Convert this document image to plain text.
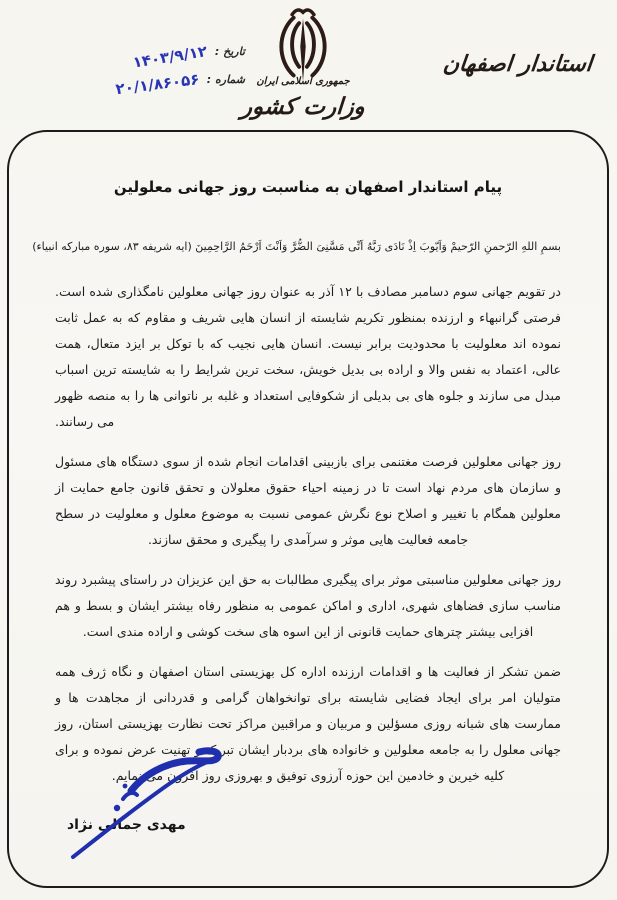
تاریخ :
۱۴۰۳/۹/۱۲
شماره :
۲۰/۱/۸۶۰۵۶	جمهوری اسلامی ایران
وزارت کشور
استاندار اصفهان
پیام استاندار اصفهان به مناسبت روز جهانی معلولین
بسمِ اللهِ الرّحمنِ الرّحیمْ وَاَیّوبَ اِذْ نَادَی رَبَّهُ اَنِّی مَسَّنِیَ الضُّرَّ وَاَنْتَ اَرْحَمُ الرَّاحِمِینَ (ایه شریفه ۸۳، سوره مبارکه انبیاء)
در تقویم جهانی سوم دسامبر مصادف با ۱۲ آذر به عنوان روز جهانی معلولین نامگذاری شده است. فرصتی گرانبهاء و ارزنده بمنظور تکریم شایسته از انسان هایی شریف و مقاوم که به عمل ثابت نموده اند معلولیت با محدودیت برابر نیست. انسان هایی نجیب که با توکل بر ایزد متعال، همت عالی، اعتماد به نفس والا و اراده بی بدیل خویش، سخت ترین شرایط را به شایسته ترین اسباب مبدل می سازند و جلوه های بی بدیلی از شکوفایی استعداد و غلبه بر ناتوانی ها را به منصه ظهور می رسانند.
روز جهانی معلولین فرصت مغتنمی برای بازبینی اقدامات انجام شده از سوی دستگاه های مسئول و سازمان های مردم نهاد است تا در زمینه احیاء حقوق معلولان و تحقق قانون جامع حمایت از معلولین همگام با تغییر و اصلاح نوع نگرش عمومی نسبت به موضوع معلول و معلولیت در سطح جامعه فعالیت هایی موثر و سرآمدی را پیگیری و محقق سازند.
روز جهانی معلولین مناسبتی موثر برای پیگیری مطالبات به حق این عزیزان در راستای پیشبرد روند مناسب سازی فضاهای شهری، اداری و اماکن عمومی به منظور رفاه بیشتر ایشان و بسط و هم افزایی بیشتر چترهای حمایت قانونی از این اسوه های سخت کوشی و اراده مندی است.
ضمن تشکر از فعالیت ها و اقدامات ارزنده اداره کل بهزیستی استان اصفهان و نگاه ژرف همه متولیان امر برای ایجاد فضایی شایسته برای توانخواهان گرامی و قدردانی از مجاهدت ها و ممارست های شبانه روزی مسؤلین و مربیان و مراقبین مراکز تحت نظارت بهزیستی استان، روز جهانی معلول را به جامعه معلولین و خانواده های بردبار ایشان تبریک و تهنیت عرض نموده و برای کلیه خیرین و خادمین این حوزه آرزوی توفیق و بهروزی روز افزون می نمایم.
مهدی جمالی نژاد
